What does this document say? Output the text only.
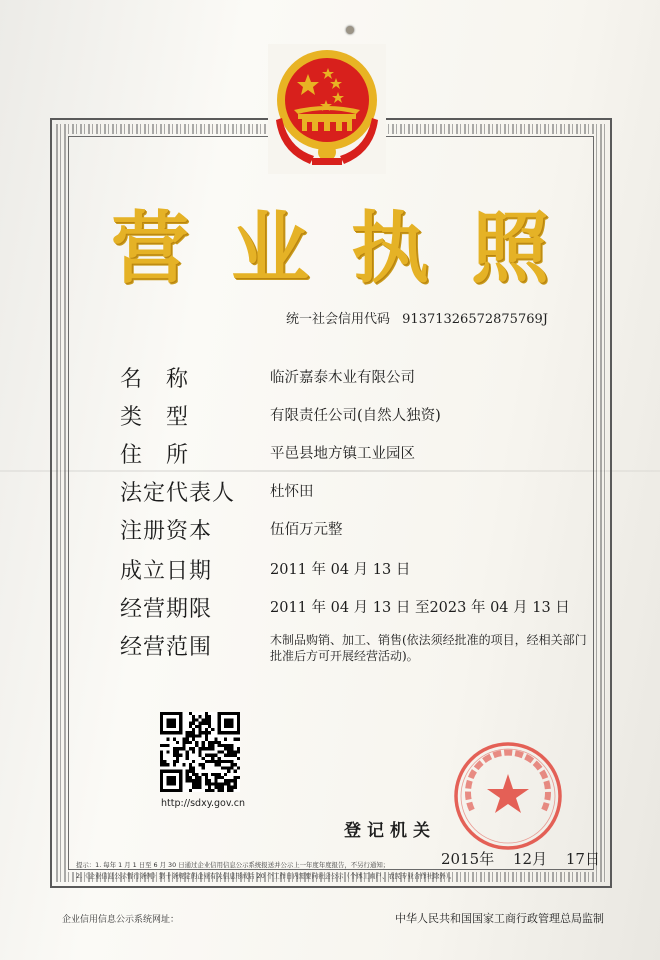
营 业 执 照
统一社会信用代码 91371326572875769J
名　称	临沂嘉泰木业有限公司
类　型	有限责任公司(自然人独资)
住　所	平邑县地方镇工业园区
法定代表人 杜怀田
注册资本	伍佰万元整
成立日期	2011 年 04 月 13 日
经营期限	2011 年 04 月 13 日 至2023 年 04 月 13 日
经营范围	木制品购销、加工、销售(依法须经批准的项目，经相关部门批准后方可开展经营活动)。
http://sdxy.gov.cn
登记机关
2015年 12月 17日
提示：1. 每年 1 月 1 日至 6 月 30 日通过企业信用信息公示系统报送并公示上一年度年度报告，不另行通知；
2.《企业信息公示暂行条例》第十条规定的企业有关信息形成后 20 个工作日内需要向社会公示（个体工商户、农民专业合作社除外）。
企业信用信息公示系统网址：	中华人民共和国国家工商行政管理总局监制
